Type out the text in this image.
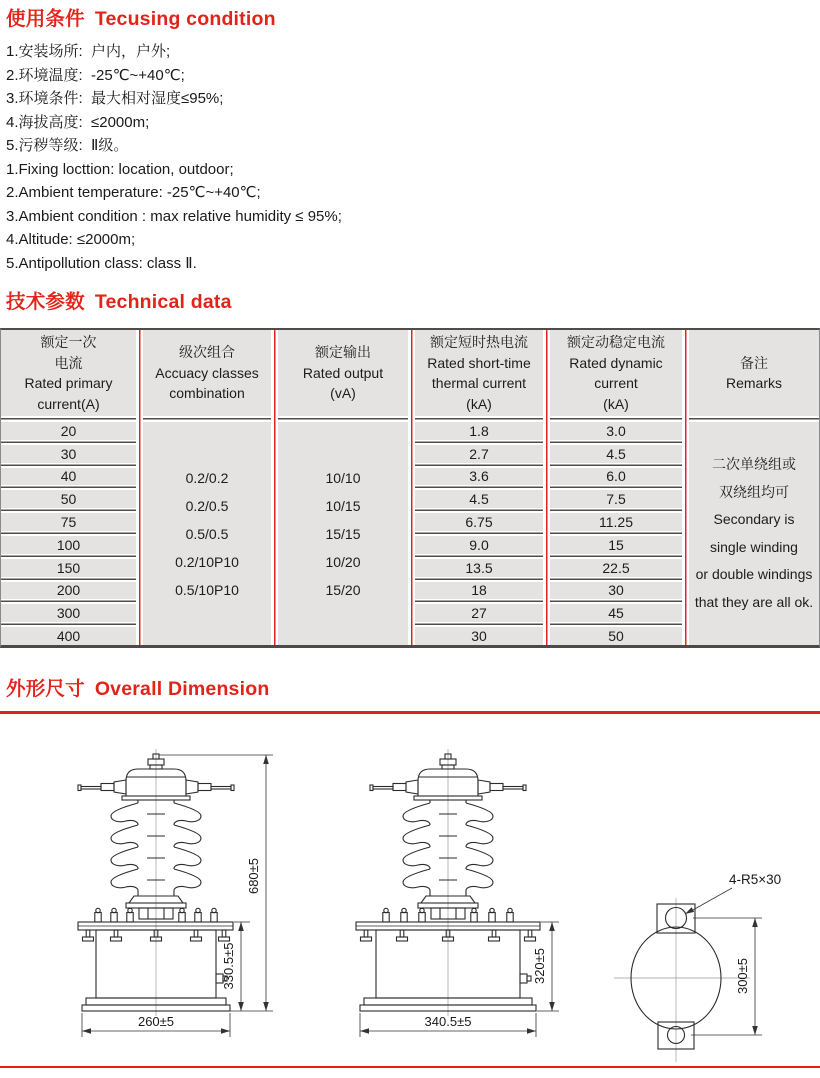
使用条件 Tecusing condition

1.安装场所:  户内，户外;

2.环境温度:  -25℃~+40℃;

3.环境条件:  最大相对湿度≤95%;

4.海拔高度:  ≤2000m;

5.污秽等级:  Ⅱ级。

1.Fixing locttion: location, outdoor;

2.Ambient temperature: -25℃~+40℃;

3.Ambient condition : max relative humidity ≤ 95%;

4.Altitude: ≤2000m;

5.Antipollution class: class Ⅱ.

技术参数 Technical data
额定一次
电流
Rated primary
current(A)
20
30
40
50
75
100
150
200
300
400
级次组合
Accuacy classes
combination
0.2/0.2
0.2/0.5
0.5/0.5
0.2/10P10
0.5/10P10
额定输出
Rated output
(vA)
10/10
10/15
15/15
10/20
15/20
额定短时热电流
Rated short-time
thermal current
(kA)
1.8
2.7
3.6
4.5
6.75
9.0
13.5
18
27
30
额定动稳定电流
Rated dynamic
current
(kA)
3.0
4.5
6.0
7.5
11.25
15
22.5
30
45
50
备注
Remarks
二次单绕组或
双绕组均可
Secondary is
single winding
or double windings
that they are all ok.
外形尺寸 Overall Dimension
680±5
330.5±5
260±5
320±5
340.5±5
4-R5×30
300±5
